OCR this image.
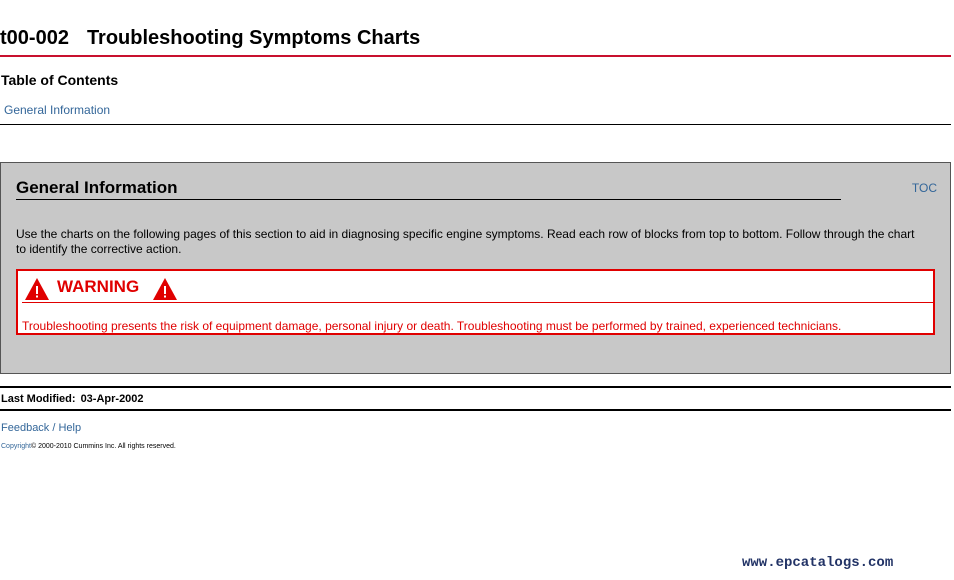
t00-002 Troubleshooting Symptoms Charts
Table of Contents
General Information
General Information	TOC

Use the charts on the following pages of this section to aid in diagnosing specific engine symptoms. Read each row of blocks from top to bottom. Follow through the chart to identify the corrective action.

WARNING

Troubleshooting presents the risk of equipment damage, personal injury or death. Troubleshooting must be performed by trained, experienced technicians.

Last Modified: 03-Apr-2002
Feedback / Help
Copyright© 2000-2010 Cummins Inc. All rights reserved.
www.epcatalogs.com
